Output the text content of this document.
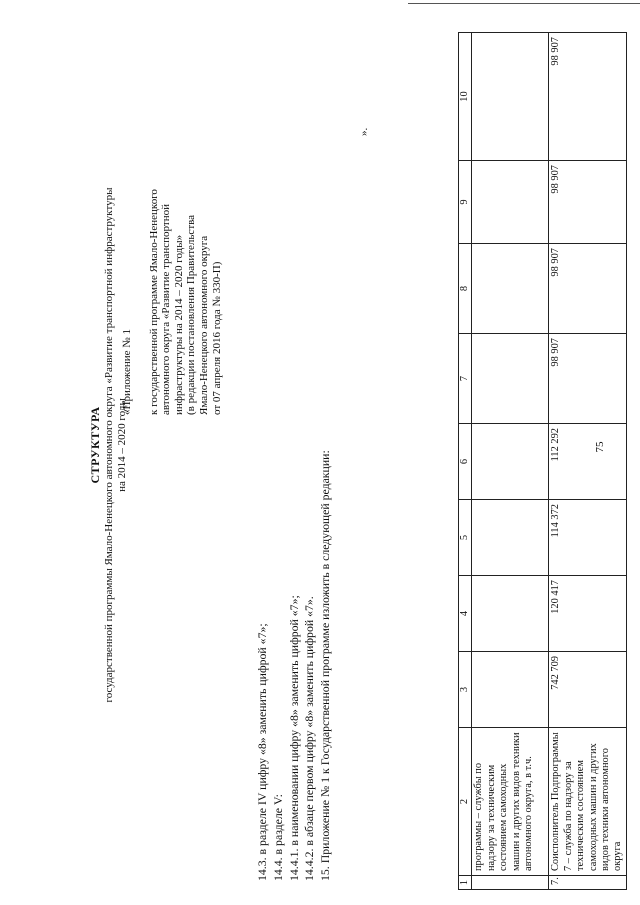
75
1	2	3	4	5	6	7	8	9	10
	программы – службы по надзору за техническим состоянием самоходных машин и других видов техники автономного округа, в т.ч.								
7.	Соисполнитель Подпрограммы 7 – служба по надзору за техническим состоянием самоходных машин и других видов техники автономного округа	742 709	120 417	114 372	112 292	98 907	98 907	98 907	98 907
».
14.3. в разделе IV цифру «8» заменить цифрой «7»; 14.4. в разделе V: 14.4.1. в наименовании цифру «8» заменить цифрой «7»; 14.4.2. в абзаце первом цифру «8» заменить цифрой «7». 15. Приложение № 1 к Государственной программе изложить в следующей редакции:
«Приложение № 1 к государственной программе Ямало-Ненецкого автономного округа «Развитие транспортной инфраструктуры на 2014 – 2020 годы» (в редакции постановления Правительства Ямало-Ненецкого автономного округа от 07 апреля 2016 года № 330-П)
СТРУКТУРА государственной программы Ямало-Ненецкого автономного округа «Развитие транспортной инфраструктуры на 2014 – 2020 годы
